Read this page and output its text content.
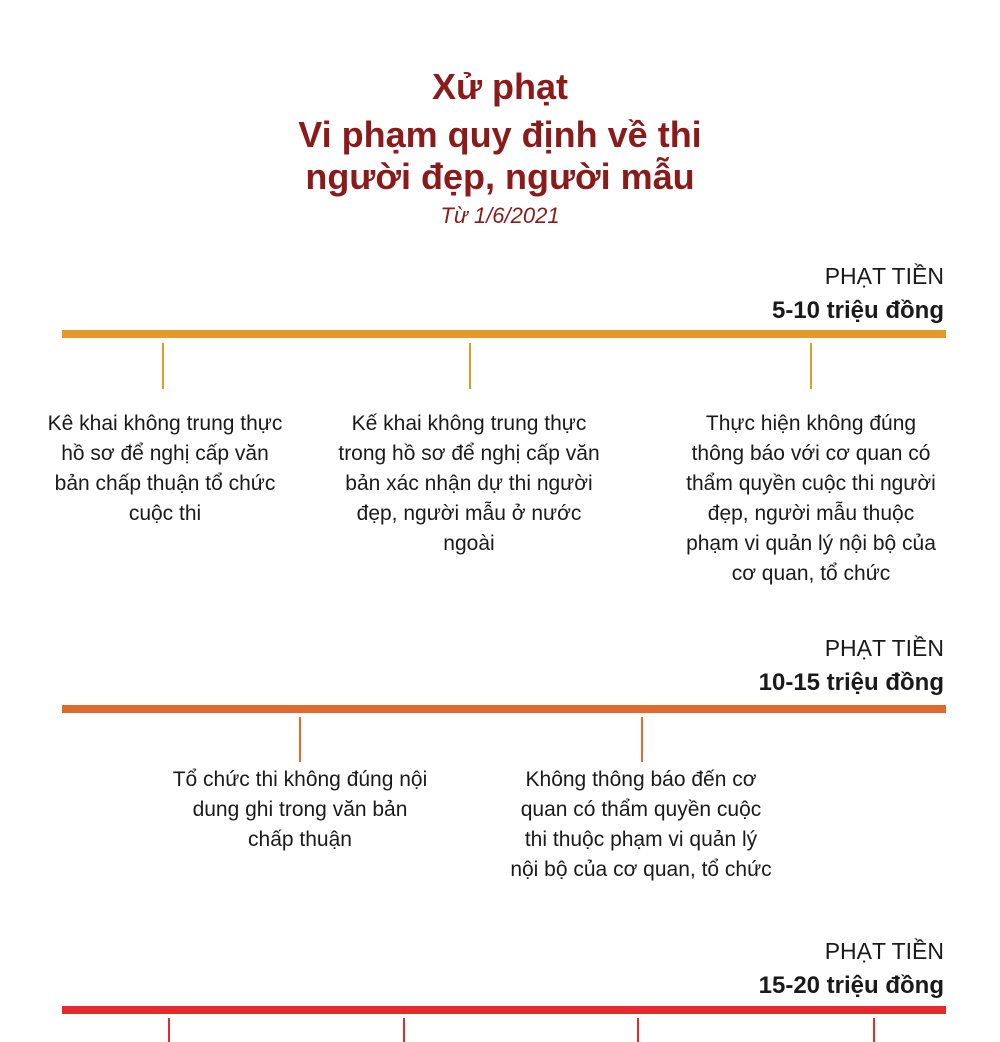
Xử phạt
Vi phạm quy định về thi
người đẹp, người mẫu
Từ 1/6/2021
PHẠT TIỀN
5-10 triệu đồng
Kê khai không trung thực hồ sơ để nghị cấp văn bản chấp thuận tổ chức cuộc thi
Kế khai không trung thực trong hồ sơ để nghị cấp văn bản xác nhận dự thi người đẹp, người mẫu ở nước ngoài
Thực hiện không đúng thông báo với cơ quan có thẩm quyền cuộc thi người đẹp, người mẫu thuộc phạm vi quản lý nội bộ của cơ quan, tổ chức
PHẠT TIỀN
10-15 triệu đồng
Tổ chức thi không đúng nội dung ghi trong văn bản chấp thuận
Không thông báo đến cơ quan có thẩm quyền cuộc thi thuộc phạm vi quản lý nội bộ của cơ quan, tổ chức
PHẠT TIỀN
15-20 triệu đồng
